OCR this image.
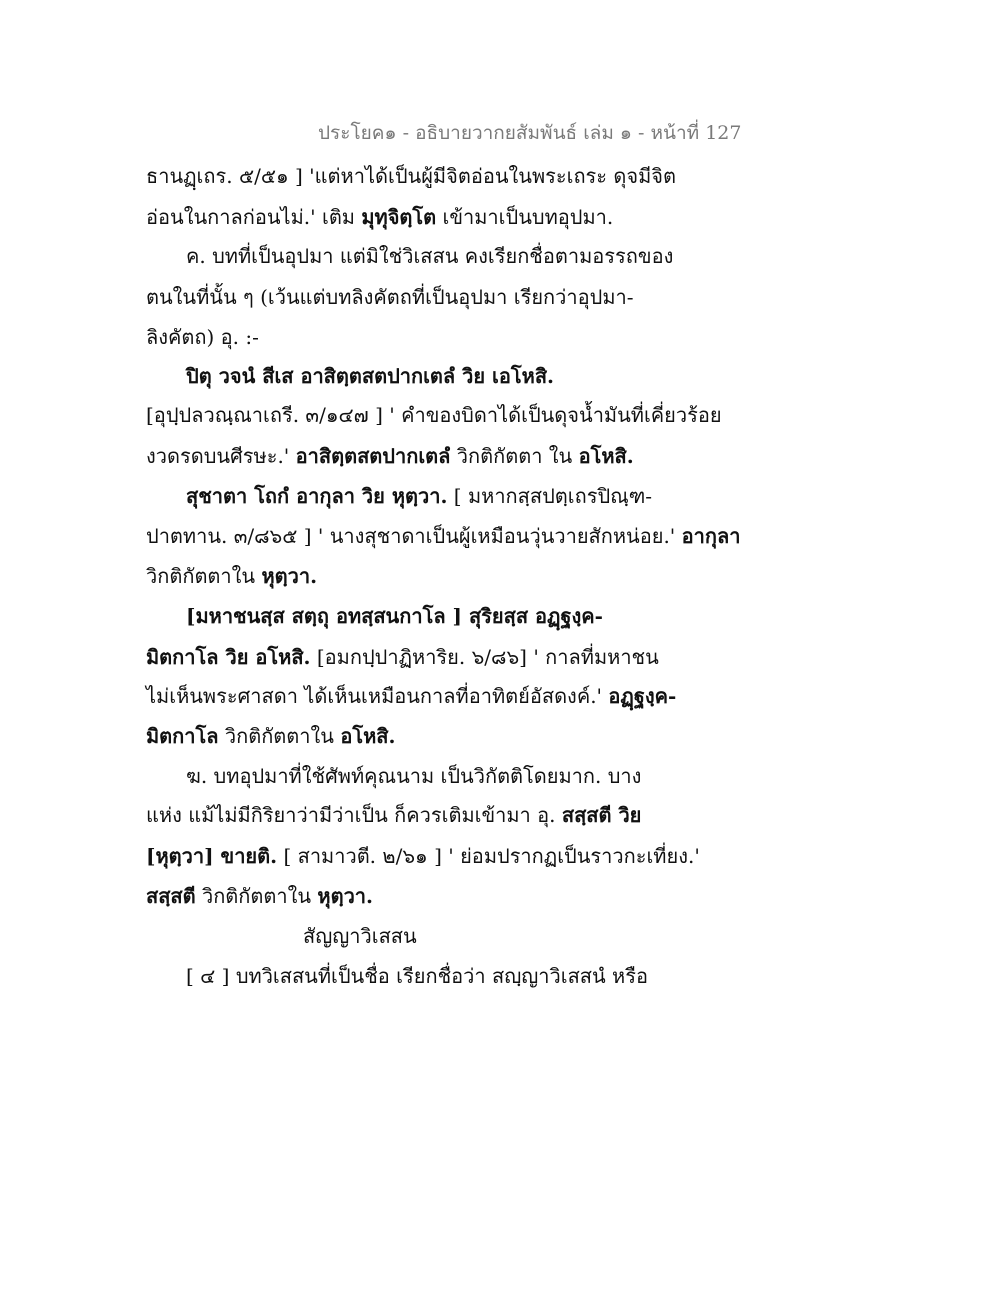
ประโยค๑ - อธิบายวากยสัมพันธ์ เล่ม ๑ - หน้าที่ 127
ธานฏฺเถร. ๕/๕๑ ] 'แต่หาได้เป็นผู้มีจิตอ่อนในพระเถระ ดุจมีจิต
อ่อนในกาลก่อนไม่.' เติม มุทุจิตฺโต เข้ามาเป็นบทอุปมา.
ค. บทที่เป็นอุปมา แต่มิใช่วิเสสน คงเรียกชื่อตามอรรถของ
ตนในที่นั้น ๆ (เว้นแต่บทลิงคัตถที่เป็นอุปมา เรียกว่าอุปมา-
ลิงคัตถ) อุ. :-
ปิตุ วจนํ สีเส อาสิตฺตสตปากเตลํ วิย เอโหสิ.
[อุปฺปลวณฺณาเถรี. ๓/๑๔๗ ] ' คำของบิดาได้เป็นดุจน้ำมันที่เคี่ยวร้อย
งวดรดบนศีรษะ.' อาสิตฺตสตปากเตลํ วิกติกัตตา ใน อโหสิ.
สุชาตา โถกํ อากุลา วิย หุตฺวา. [ มหากสฺสปตฺเถรปิณฺฑ-
ปาตทาน. ๓/๘๖๕ ] ' นางสุชาดาเป็นผู้เหมือนวุ่นวายสักหน่อย.' อากุลา
วิกติกัตตาใน หุตฺวา.
[มหาชนสฺส สตฺถุ อทสฺสนกาโล ] สุริยสฺส อฏฺฐงฺค-
มิตกาโล วิย อโหสิ. [อมกปฺปาฏิหาริย. ๖/๘๖] ' กาลที่มหาชน
ไม่เห็นพระศาสดา ได้เห็นเหมือนกาลที่อาทิตย์อัสดงค์.' อฏฺฐงฺค-
มิตกาโล วิกติกัตตาใน อโหสิ.
ฆ. บทอุปมาที่ใช้ศัพท์คุณนาม เป็นวิกัตติโดยมาก. บาง
แห่ง แม้ไม่มีกิริยาว่ามีว่าเป็น ก็ควรเติมเข้ามา อุ. สสฺสตี วิย
[หุตฺวา] ขายติ. [ สามาวตี. ๒/๖๑ ] ' ย่อมปรากฏเป็นราวกะเที่ยง.'
สสฺสตี วิกติกัตตาใน หุตฺวา.
สัญญาวิเสสน
[ ๔ ] บทวิเสสนที่เป็นชื่อ เรียกชื่อว่า สญฺญาวิเสสนํ หรือ
